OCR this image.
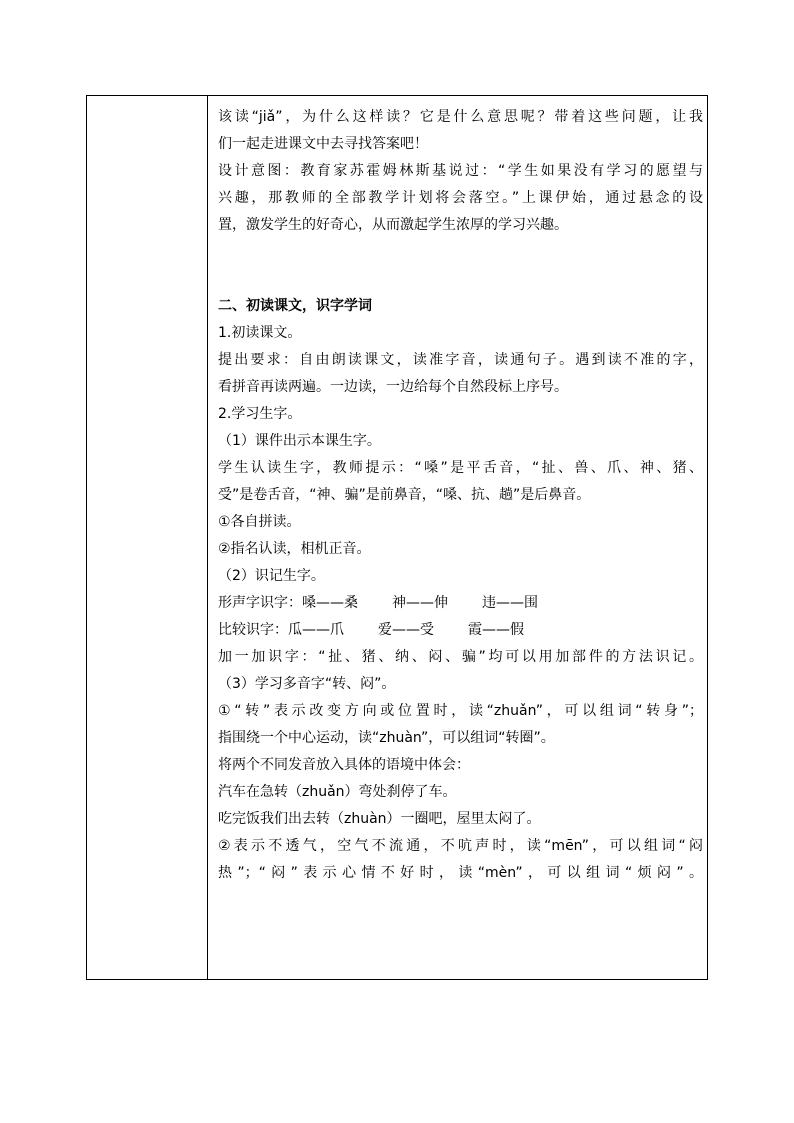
该读“jiǎ”，为什么这样读？它是什么意思呢？带着这些问题，让我
们一起走进课文中去寻找答案吧！
设计意图：教育家苏霍姆林斯基说过：“学生如果没有学习的愿望与
兴趣，那教师的全部教学计划将会落空。”上课伊始，通过悬念的设
置，激发学生的好奇心，从而激起学生浓厚的学习兴趣。
二、初读课文，识字学词
1.初读课文。
提出要求：自由朗读课文，读准字音，读通句子。遇到读不准的字，
看拼音再读两遍。一边读，一边给每个自然段标上序号。
2.学习生字。
（1）课件出示本课生字。
学生认读生字，教师提示：“嗓”是平舌音，“扯、兽、爪、神、猪、
受”是卷舌音，“神、骗”是前鼻音，“嗓、抗、趟”是后鼻音。
①各自拼读。
②指名认读，相机正音。
（2）识记生字。
形声字识字：嗓——桑 神——伸 违——围
比较识字：瓜——爪 爱——受 霞——假
加一加识字：“扯、猪、纳、闷、骗”均可以用加部件的方法识记。
（3）学习多音字“转、闷”。
①“转”表示改变方向或位置时，读“zhuǎn”，可以组词“转身”；
指围绕一个中心运动，读“zhuàn”，可以组词“转圈”。
将两个不同发音放入具体的语境中体会：
汽车在急转（zhuǎn）弯处刹停了车。
吃完饭我们出去转（zhuàn）一圈吧，屋里太闷了。
②表示不透气，空气不流通，不吭声时，读“mēn”，可以组词“闷
热”；“闷”表示心情不好时，读“mèn”，可以组词“烦闷”。
